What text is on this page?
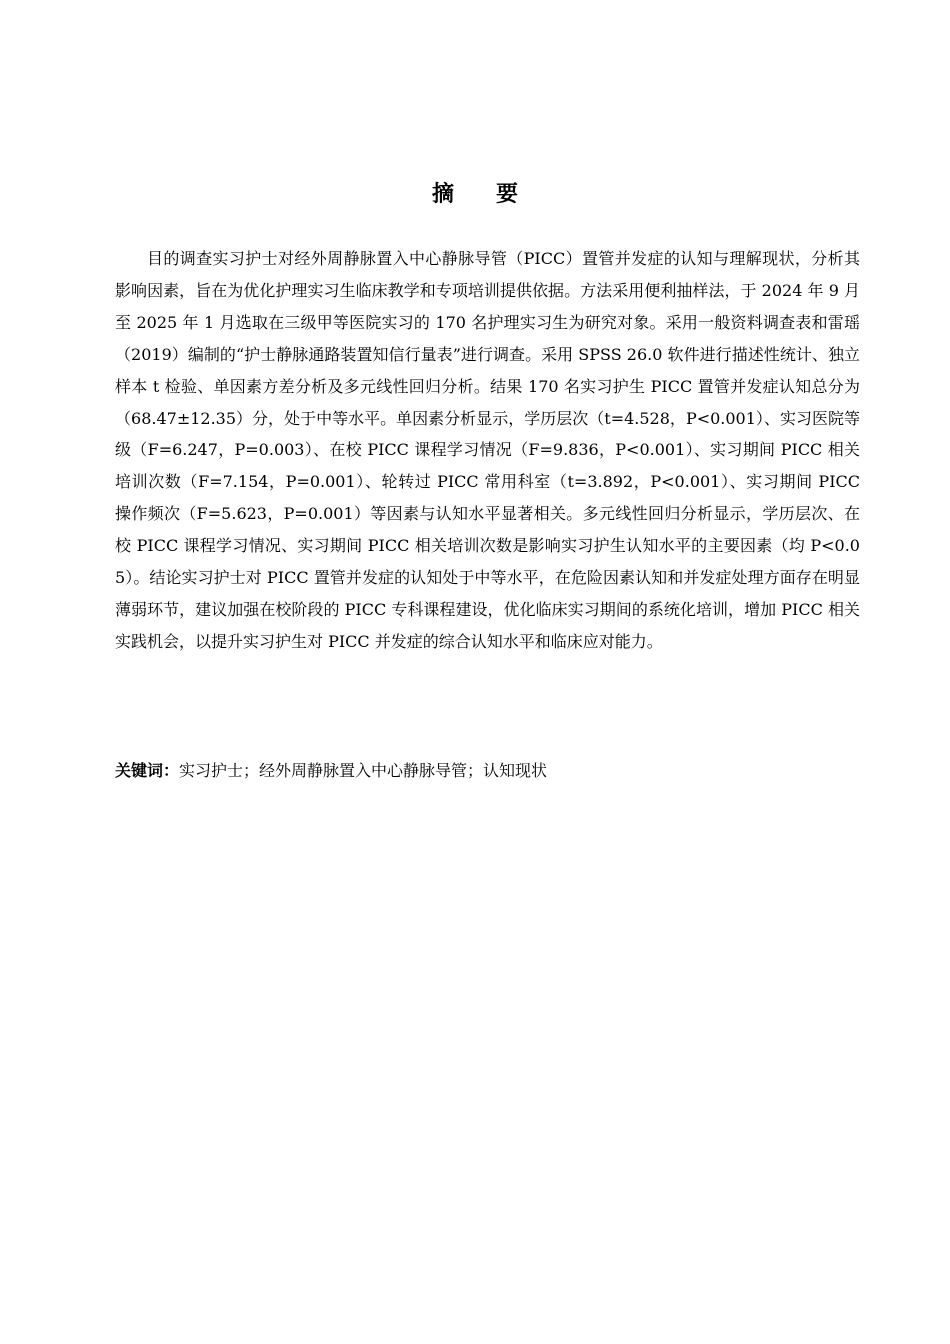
摘 要

目的调查实习护士对经外周静脉置入中心静脉导管（PICC）置管并发症的认知与理解现状，分析其影响因素，旨在为优化护理实习生临床教学和专项培训提供依据。方法采用便利抽样法，于 2024 年 9 月至 2025 年 1 月选取在三级甲等医院实习的 170 名护理实习生为研究对象。采用一般资料调查表和雷瑶（2019）编制的“护士静脉通路装置知信行量表”进行调查。采用 SPSS 26.0 软件进行描述性统计、独立样本 t 检验、单因素方差分析及多元线性回归分析。结果 170 名实习护生 PICC 置管并发症认知总分为（68.47±12.35）分，处于中等水平。单因素分析显示，学历层次（t=4.528，P<0.001）、实习医院等级（F=6.247，P=0.003）、在校 PICC 课程学习情况（F=9.836，P<0.001）、实习期间 PICC 相关培训次数（F=7.154，P=0.001）、轮转过 PICC 常用科室（t=3.892，P<0.001）、实习期间 PICC 操作频次（F=5.623，P=0.001）等因素与认知水平显著相关。多元线性回归分析显示，学历层次、在校 PICC 课程学习情况、实习期间 PICC 相关培训次数是影响实习护生认知水平的主要因素（均 P<0.05）。结论实习护士对 PICC 置管并发症的认知处于中等水平，在危险因素认知和并发症处理方面存在明显薄弱环节，建议加强在校阶段的 PICC 专科课程建设，优化临床实习期间的系统化培训，增加 PICC 相关实践机会，以提升实习护生对 PICC 并发症的综合认知水平和临床应对能力。

关键词：实习护士；经外周静脉置入中心静脉导管；认知现状
